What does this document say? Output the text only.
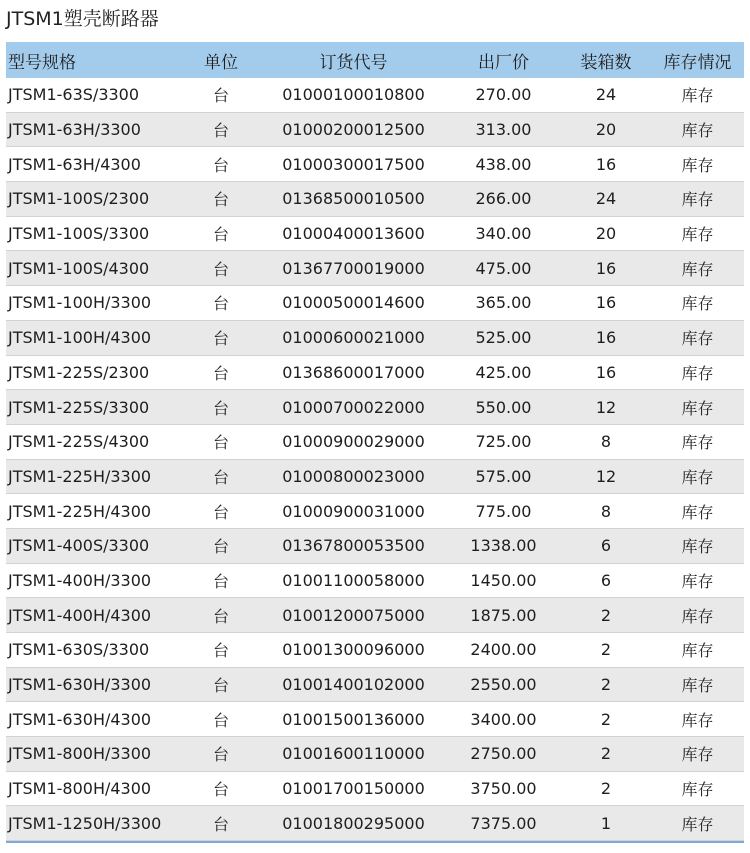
JTSM1塑壳断路器
型号规格	单位	订货代号	出厂价	装箱数	库存情况
JTSM1-63S/3300	台	01000100010800	270.00	24	库存
JTSM1-63H/3300	台	01000200012500	313.00	20	库存
JTSM1-63H/4300	台	01000300017500	438.00	16	库存
JTSM1-100S/2300	台	01368500010500	266.00	24	库存
JTSM1-100S/3300	台	01000400013600	340.00	20	库存
JTSM1-100S/4300	台	01367700019000	475.00	16	库存
JTSM1-100H/3300	台	01000500014600	365.00	16	库存
JTSM1-100H/4300	台	01000600021000	525.00	16	库存
JTSM1-225S/2300	台	01368600017000	425.00	16	库存
JTSM1-225S/3300	台	01000700022000	550.00	12	库存
JTSM1-225S/4300	台	01000900029000	725.00	8	库存
JTSM1-225H/3300	台	01000800023000	575.00	12	库存
JTSM1-225H/4300	台	01000900031000	775.00	8	库存
JTSM1-400S/3300	台	01367800053500	1338.00	6	库存
JTSM1-400H/3300	台	01001100058000	1450.00	6	库存
JTSM1-400H/4300	台	01001200075000	1875.00	2	库存
JTSM1-630S/3300	台	01001300096000	2400.00	2	库存
JTSM1-630H/3300	台	01001400102000	2550.00	2	库存
JTSM1-630H/4300	台	01001500136000	3400.00	2	库存
JTSM1-800H/3300	台	01001600110000	2750.00	2	库存
JTSM1-800H/4300	台	01001700150000	3750.00	2	库存
JTSM1-1250H/3300	台	01001800295000	7375.00	1	库存
